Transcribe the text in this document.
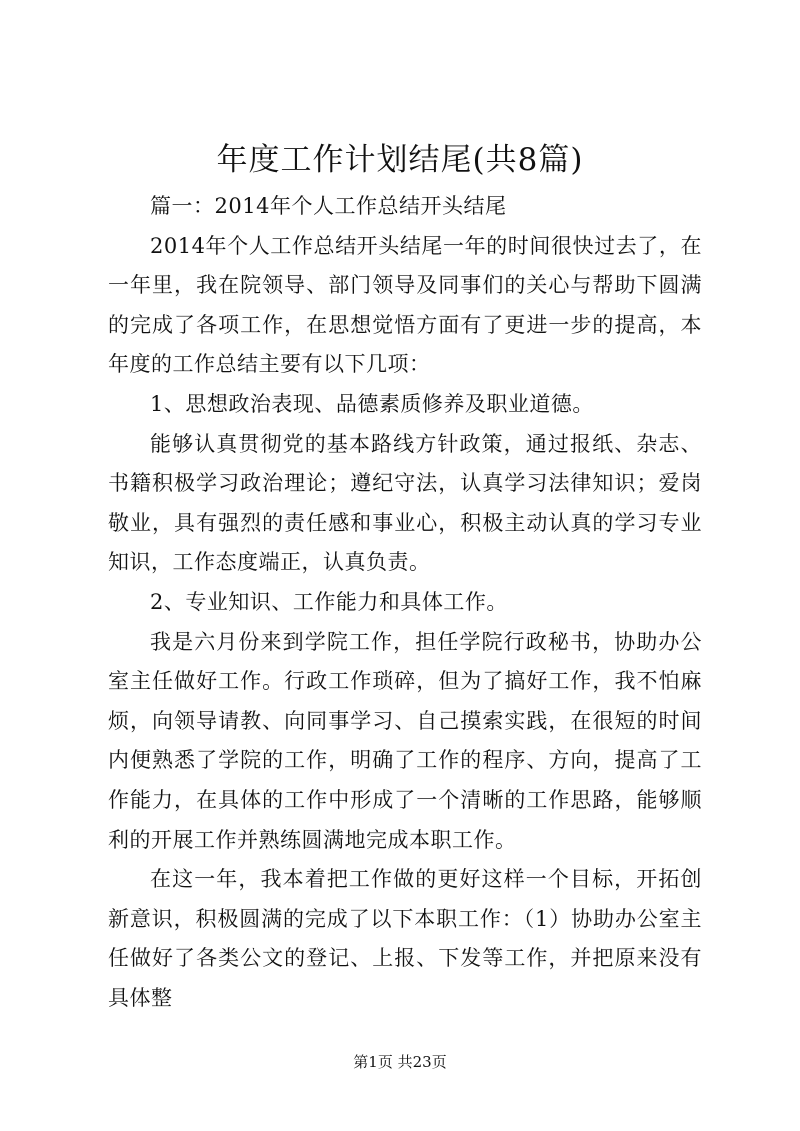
年度工作计划结尾(共8篇)

篇一：2014年个人工作总结开头结尾

2014年个人工作总结开头结尾一年的时间很快过去了，在一年里，我在院领导、部门领导及同事们的关心与帮助下圆满的完成了各项工作，在思想觉悟方面有了更进一步的提高，本年度的工作总结主要有以下几项：

1、思想政治表现、品德素质修养及职业道德。

能够认真贯彻党的基本路线方针政策，通过报纸、杂志、书籍积极学习政治理论；遵纪守法，认真学习法律知识；爱岗敬业，具有强烈的责任感和事业心，积极主动认真的学习专业知识，工作态度端正，认真负责。

2、专业知识、工作能力和具体工作。

我是六月份来到学院工作，担任学院行政秘书，协助办公室主任做好工作。行政工作琐碎，但为了搞好工作，我不怕麻烦，向领导请教、向同事学习、自己摸索实践，在很短的时间内便熟悉了学院的工作，明确了工作的程序、方向，提高了工作能力，在具体的工作中形成了一个清晰的工作思路，能够顺利的开展工作并熟练圆满地完成本职工作。

在这一年，我本着把工作做的更好这样一个目标，开拓创新意识，积极圆满的完成了以下本职工作：（1）协助办公室主任做好了各类公文的登记、上报、下发等工作，并把原来没有具体整

第1页 共23页
